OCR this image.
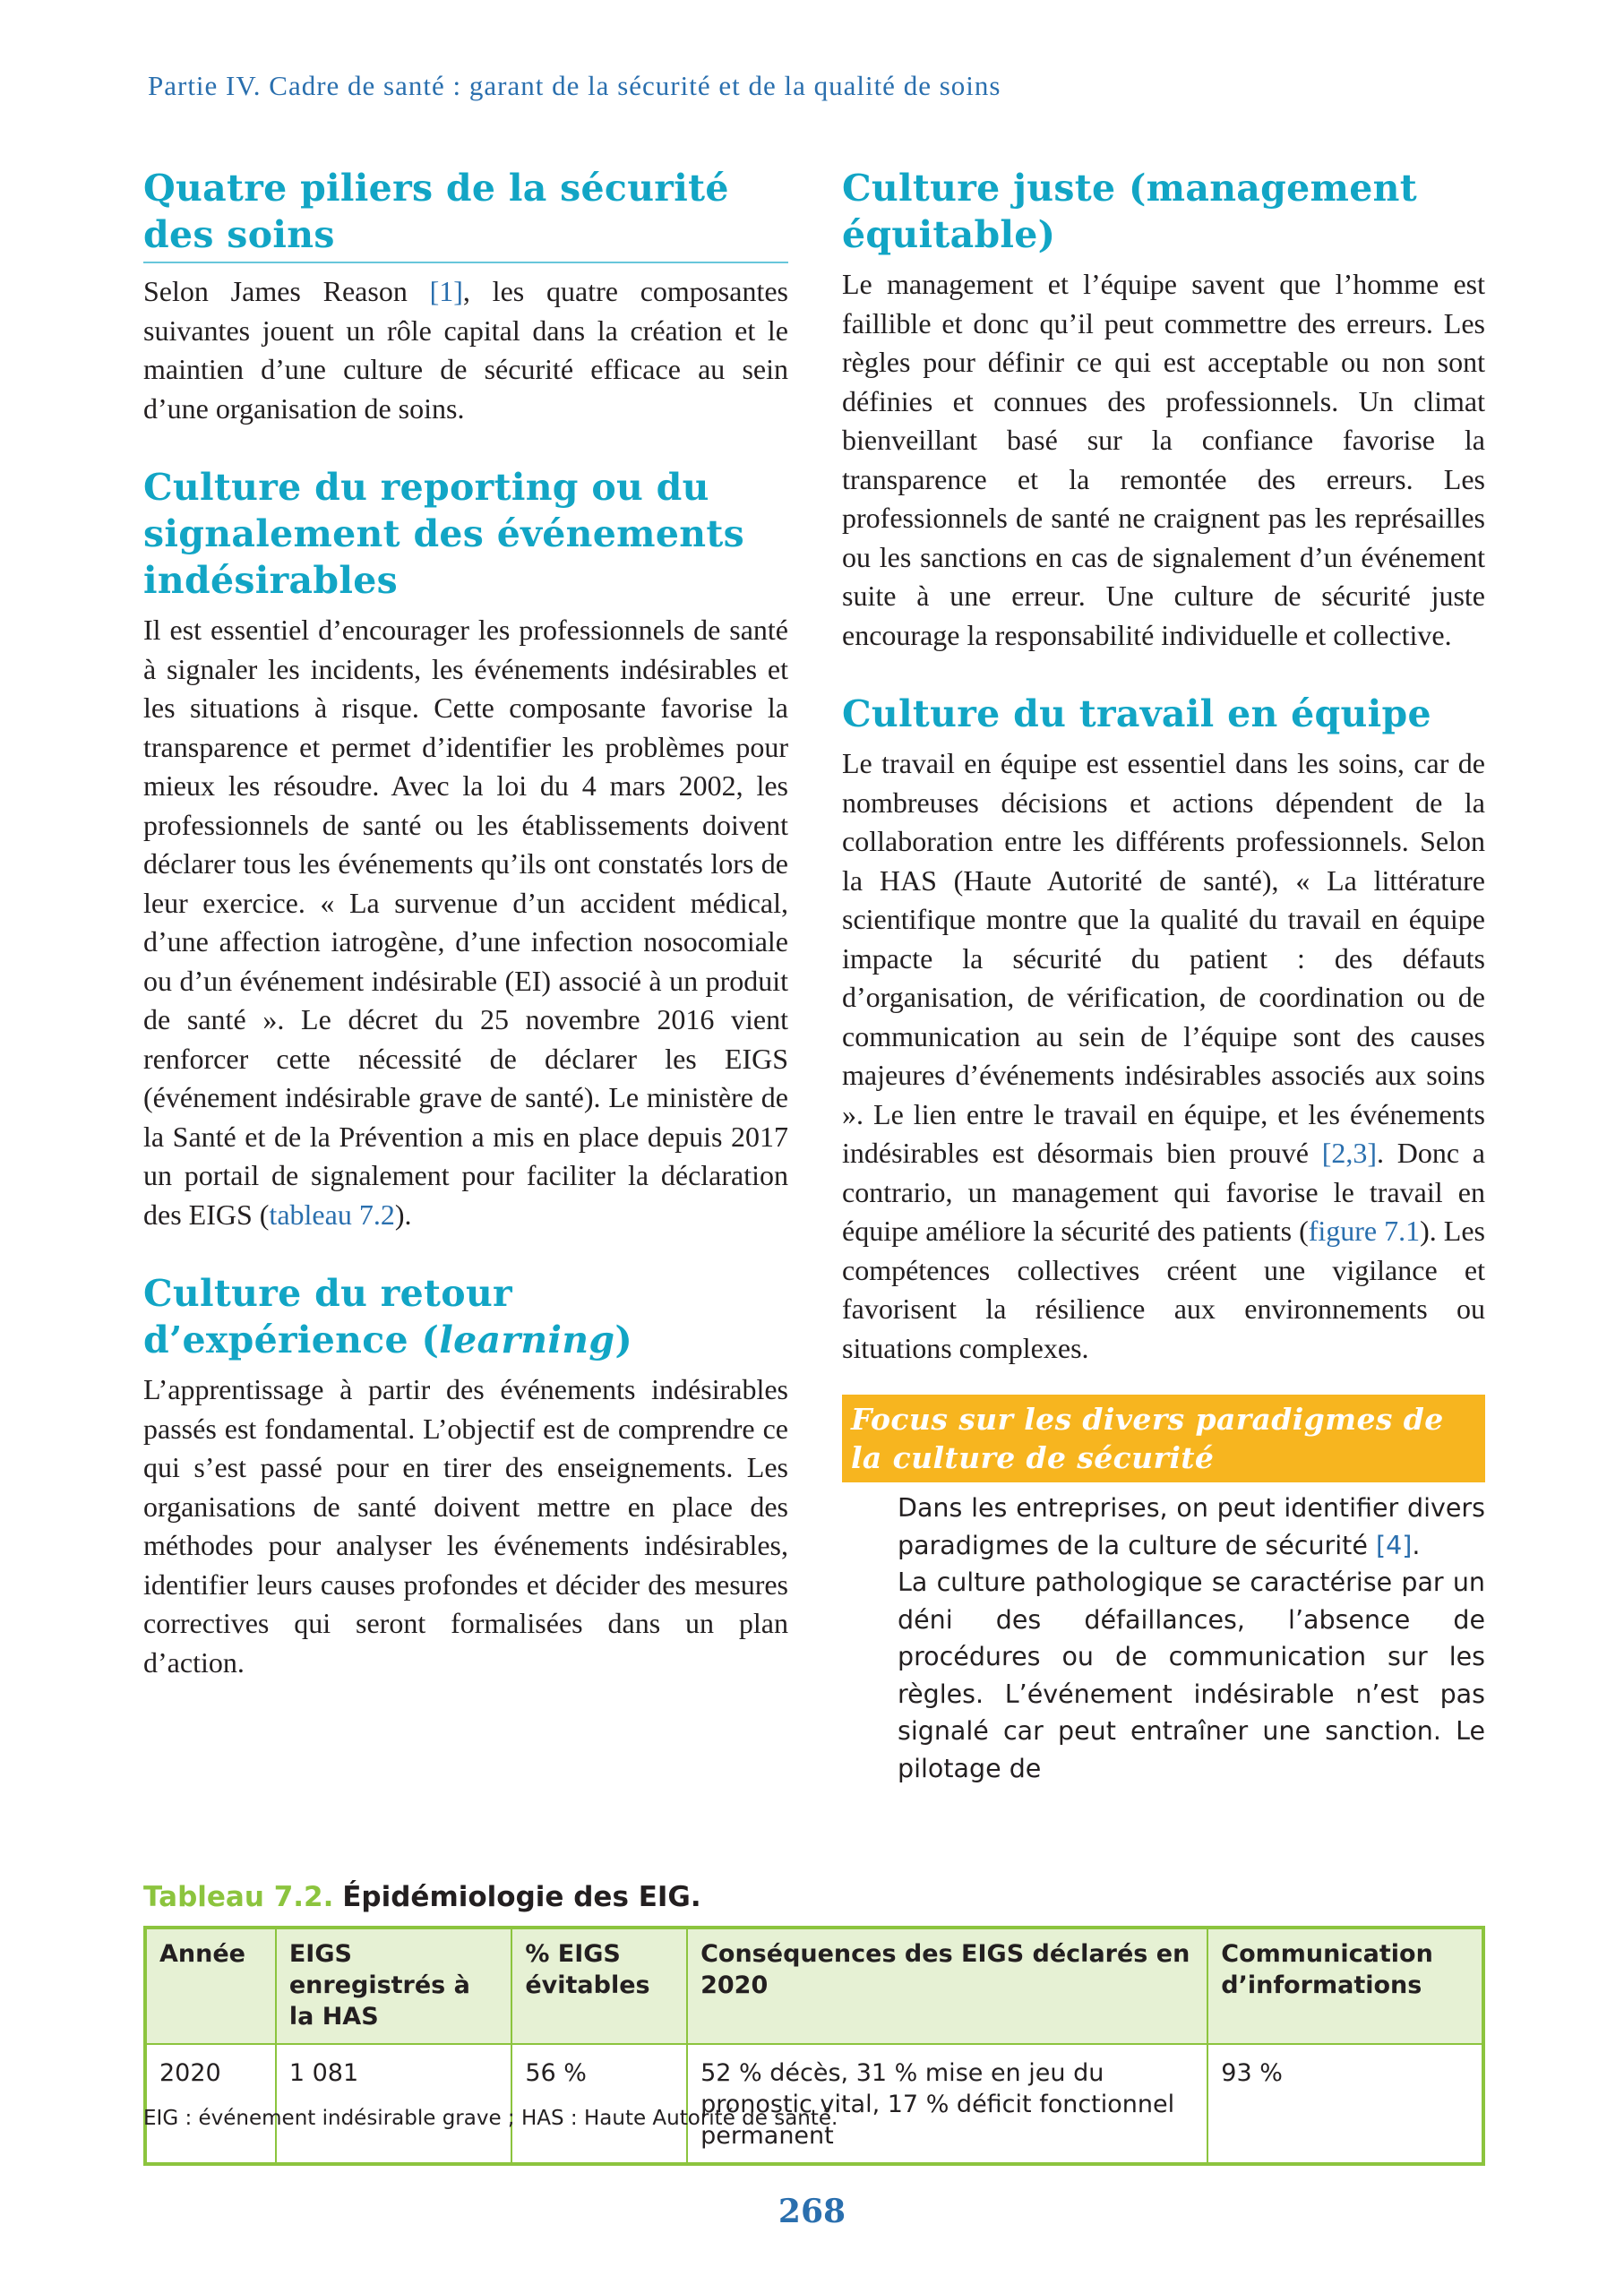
Partie IV. Cadre de santé : garant de la sécurité et de la qualité de soins
Quatre piliers de la sécurité des soins

Selon James Reason [1], les quatre composantes suivantes jouent un rôle capital dans la création et le maintien d’une culture de sécurité efficace au sein d’une organisation de soins.

Culture du reporting ou du signalement des événements indésirables

Il est essentiel d’encourager les professionnels de santé à signaler les incidents, les événements indésirables et les situations à risque. Cette composante favorise la transparence et permet d’identifier les problèmes pour mieux les résoudre. Avec la loi du 4 mars 2002, les professionnels de santé ou les établissements doivent déclarer tous les événements qu’ils ont constatés lors de leur exercice. « La survenue d’un accident médical, d’une affection iatrogène, d’une infection nosocomiale ou d’un événement indésirable (EI) associé à un produit de santé ». Le décret du 25 novembre 2016 vient renforcer cette nécessité de déclarer les EIGS (événement indésirable grave de santé). Le ministère de la Santé et de la Prévention a mis en place depuis 2017 un portail de signalement pour faciliter la déclaration des EIGS (tableau 7.2).

Culture du retour d’expérience (learning)

L’apprentissage à partir des événements indésirables passés est fondamental. L’objectif est de comprendre ce qui s’est passé pour en tirer des enseignements. Les organisations de santé doivent mettre en place des méthodes pour analyser les événements indésirables, identifier leurs causes profondes et décider des mesures correctives qui seront formalisées dans un plan d’action.

Culture juste (management équitable)

Le management et l’équipe savent que l’homme est faillible et donc qu’il peut commettre des erreurs. Les règles pour définir ce qui est acceptable ou non sont définies et connues des professionnels. Un climat bienveillant basé sur la confiance favorise la transparence et la remontée des erreurs. Les professionnels de santé ne craignent pas les représailles ou les sanctions en cas de signalement d’un événement suite à une erreur. Une culture de sécurité juste encourage la responsabilité individuelle et collective.

Culture du travail en équipe

Le travail en équipe est essentiel dans les soins, car de nombreuses décisions et actions dépendent de la collaboration entre les différents professionnels. Selon la HAS (Haute Autorité de santé), « La littérature scientifique montre que la qualité du travail en équipe impacte la sécurité du patient : des défauts d’organisation, de vérification, de coordination ou de communication au sein de l’équipe sont des causes majeures d’événements indésirables associés aux soins ». Le lien entre le travail en équipe, et les événements indésirables est désormais bien prouvé [2,3]. Donc a contrario, un management qui favorise le travail en équipe améliore la sécurité des patients (figure 7.1). Les compétences collectives créent une vigilance et favorisent la résilience aux environnements ou situations complexes.

Focus sur les divers paradigmes de la culture de sécurité

Dans les entreprises, on peut identifier divers paradigmes de la culture de sécurité [4].

La culture pathologique se caractérise par un déni des défaillances, l’absence de procédures ou de communication sur les règles. L’événement indésirable n’est pas signalé car peut entraîner une sanction. Le pilotage de

Tableau 7.2. Épidémiologie des EIG.
Année	EIGS enregistrés à la HAS	% EIGS évitables	Conséquences des EIGS déclarés en 2020	Communication d’informations
2020	1 081	56 %	52 % décès, 31 % mise en jeu du pronostic vital, 17 % déficit fonctionnel permanent	93 %
EIG : événement indésirable grave ; HAS : Haute Autorité de santé.
268
